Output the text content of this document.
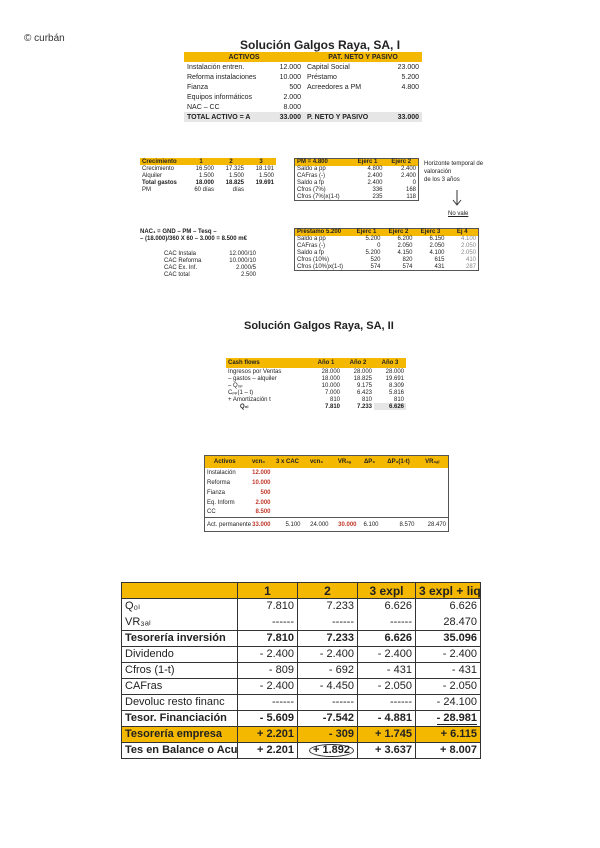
© curbán	Solución Galgos Raya, SA, I
ACTIVOS		PAT. NETO Y PASIVO	
Instalación entren.	12.000	Capital Social	23.000
Reforma instalaciones	10.000	Préstamo	5.200
Fianza	500	Acreedores a PM	4.800
Equipos informáticos	2.000		
NAC – CC	8.000		
TOTAL ACTIVO = A	33.000	P. NETO Y PASIVO	33.000
Crecimiento	1	2	3
Crecimiento	16.500	17.325	18.191
Alquiler	1.500	1.500	1.500
Total gastos	18.000	18.825	19.691
PM	60 días	días	
NAC₁ = GND – PM – Tesq –
– (18.000)/360 X 60 – 3.000 = 8.500 m€
CAC Instala	12.000/10
CAC Reforma	10.000/10
CAC Ex. Inf.	2.000/5
CAC total	2.500
PM = 4.800	Ejerc 1	Ejerc 2
Saldo a pp	4.800	2.400
CAFras (-)	2.400	2.400
Saldo a fp	2.400	0
Cfros (7%)	336	168
Cfros (7%)x(1-t)	235	118
Horizonte temporal de
valoración
de los 3 años
No vale
Préstamo 5.200	Ejerc 1	Ejerc 2	Ejerc 3	Ej 4
Saldo a pp	5.200	6.200	6.150	4.100
CAFras (-)	0	2.050	2.050	2.050
Saldo a fp	5.200	4.150	4.100	2.050
Cfros (10%)	520	820	615	410
Cfros (10%)x(1-t)	574	574	431	287
Solución Galgos Raya, SA, II
Cash flows	Año 1	Año 2	Año 3
Ingresos por Ventas	28.000	28.000	28.000
– gastos – alquiler	18.000	18.825	19.691
– Q₀ₚ	10.000	9.175	8.309
Cₚₚ(1 – t)	7.000	6.423	5.816
+ Amortización t	810	810	810
Q₀ₗ	7.810	7.233	6.626
Activos	vcn₀	3 x CAC	vcn₃	VR₃ₐ	ΔP₃	ΔP₃(1-t)	VR₃ₐₗ
Instalación	12.000						
Reforma	10.000						
Fianza	500						
Eq. Inform	2.000						
CC	8.500						
Act. permanente	33.000	5.100	24.000	30.000	6.100	8.570	28.470
	1	2	3 expl	3 expl + liq
Q₀ₗ	7.810	7.233	6.626	6.626
VR₃ₐₗ	------	------	------	28.470
Tesorería inversión	7.810	7.233	6.626	35.096
Dividendo	- 2.400	- 2.400	- 2.400	- 2.400
Cfros (1-t)	- 809	- 692	- 431	- 431
CAFras	- 2.400	- 4.450	- 2.050	- 2.050
Devoluc resto financ	------	------	------	- 24.100
Tesor. Financiación	- 5.609	-7.542	- 4.881	- 28.981
Tesorería empresa	+ 2.201	- 309	+ 1.745	+ 6.115
Tes en Balance o Acu	+ 2.201	+ 1.892	+ 3.637	+ 8.007
